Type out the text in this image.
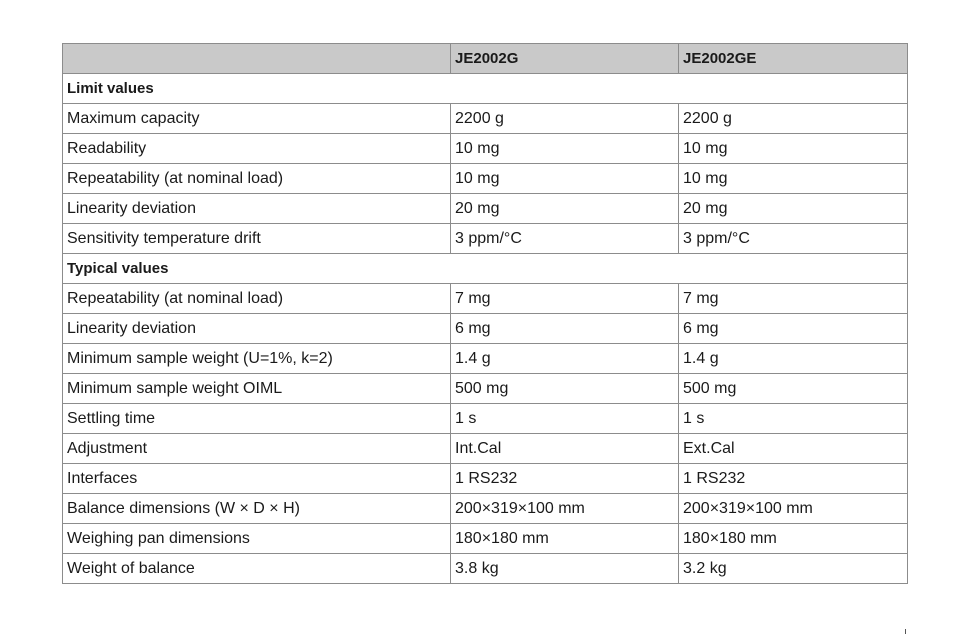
	JE2002G	JE2002GE
Limit values		
Maximum capacity	2200 g	2200 g
Readability	10 mg	10 mg
Repeatability (at nominal load)	10 mg	10 mg
Linearity deviation	20 mg	20 mg
Sensitivity temperature drift	3 ppm/°C	3 ppm/°C
Typical values		
Repeatability (at nominal load)	7 mg	7 mg
Linearity deviation	6 mg	6 mg
Minimum sample weight (U=1%, k=2)	1.4 g	1.4 g
Minimum sample weight OIML	500 mg	500 mg
Settling time	1 s	1 s
Adjustment	Int.Cal	Ext.Cal
Interfaces	1 RS232	1 RS232
Balance dimensions (W × D × H)	200×319×100 mm	200×319×100 mm
Weighing pan dimensions	180×180 mm	180×180 mm
Weight of balance	3.8 kg	3.2 kg
